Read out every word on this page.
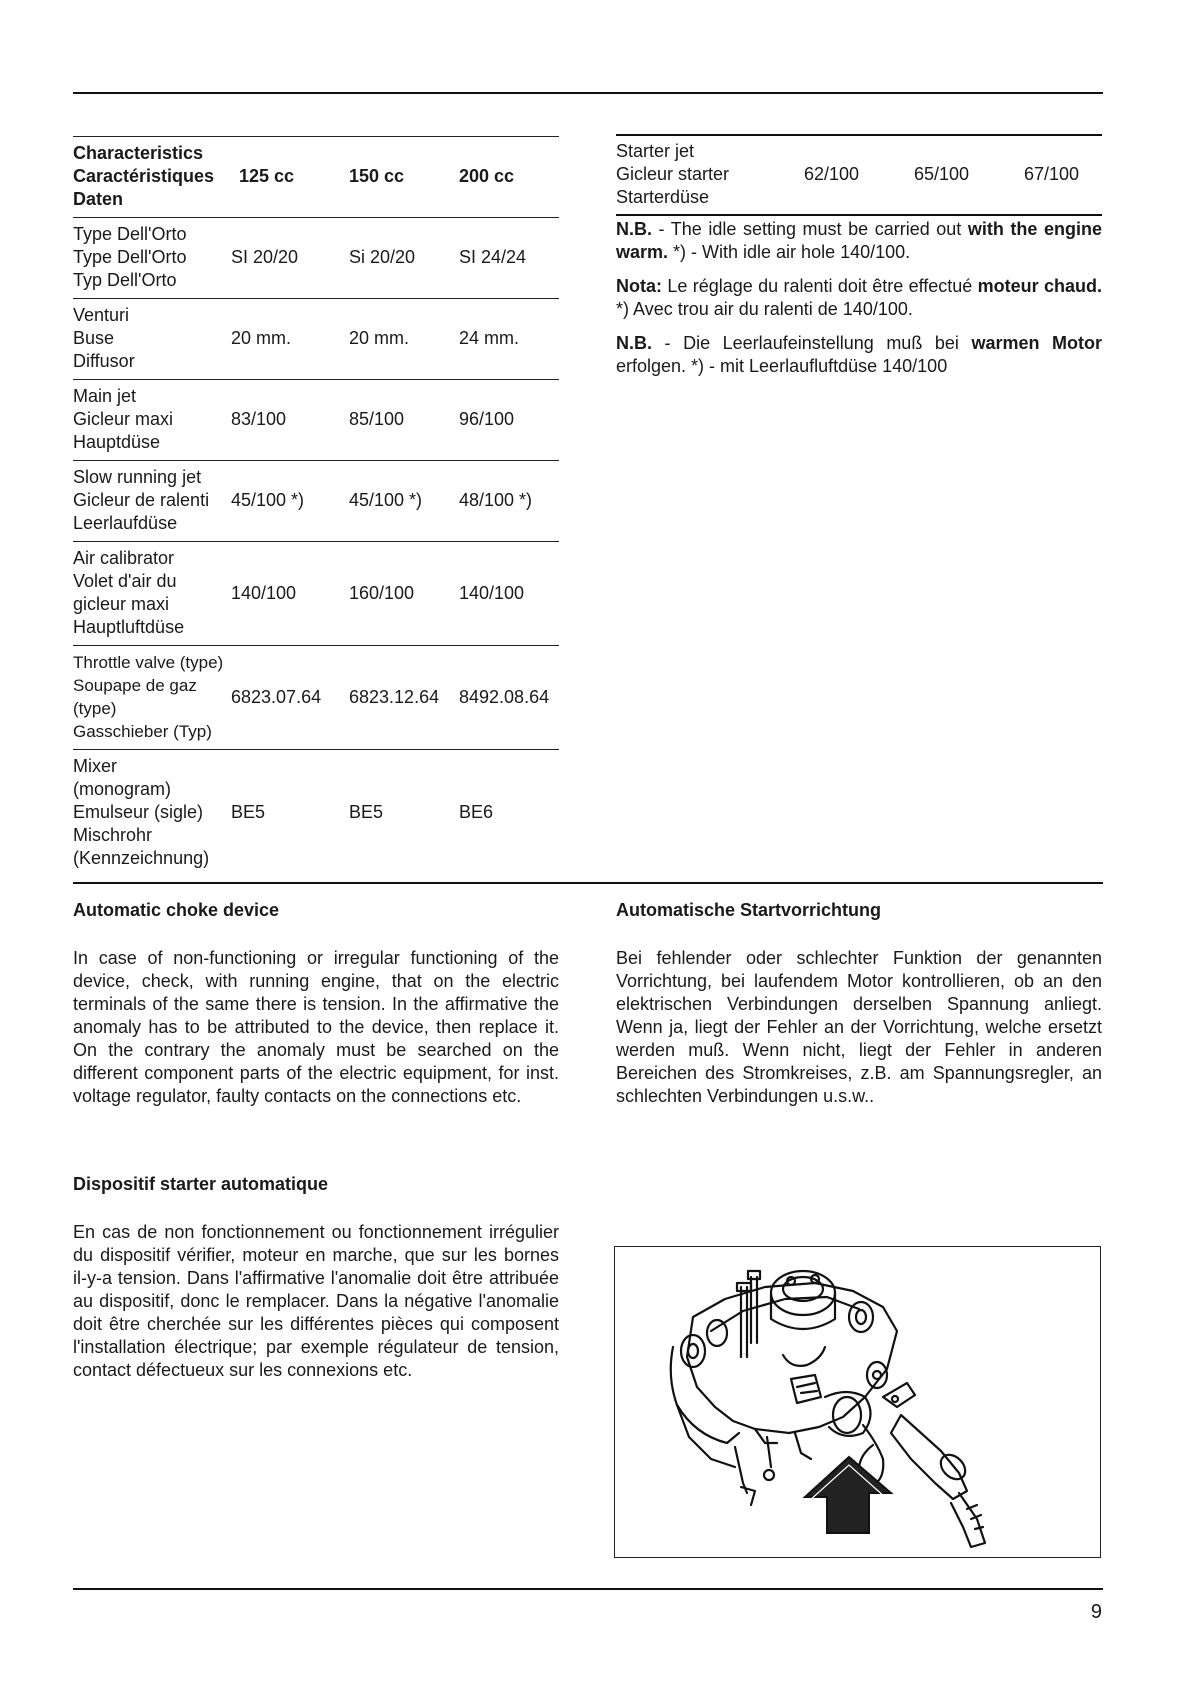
Characteristics
Caractéristiques
Daten	125 cc	150 cc	200 cc

Type Dell'Orto
Type Dell'Orto
Typ Dell'Orto	SI 20/20	Si 20/20	SI 24/24

Venturi
Buse
Diffusor	20 mm.	20 mm.	24 mm.

Main jet
Gicleur maxi
Hauptdüse	83/100	85/100	96/100

Slow running jet
Gicleur de ralenti
Leerlaufdüse	45/100 *)	45/100 *)	48/100 *)

Air calibrator
Volet d'air du
gicleur maxi
Hauptluftdüse	140/100	160/100	140/100

Throttle valve (type)
Soupape de gaz
(type)
Gasschieber (Typ)	6823.07.64	6823.12.64	8492.08.64

Mixer
(monogram)
Emulseur (sigle)
Mischrohr
(Kennzeichnung)	BE5	BE5	BE6
Starter jet
Gicleur starter
Starterdüse
	62/100	65/100	67/100

N.B. - The idle setting must be carried out with the engine warm. *) - With idle air hole 140/100.

Nota: Le réglage du ralenti doit être effectué moteur chaud. *) Avec trou air du ralenti de 140/100.

N.B. - Die Leerlaufeinstellung muß bei warmen Motor erfolgen. *) - mit Leerlaufluftdüse 140/100

Automatic choke device

In case of non-functioning or irregular functioning of the device, check, with running engine, that on the electric terminals of the same there is tension. In the affirmative the anomaly has to be attributed to the device, then replace it. On the contrary the anomaly must be searched on the different component parts of the electric equipment, for inst. voltage regulator, faulty contacts on the connections etc.

Automatische Startvorrichtung

Bei fehlender oder schlechter Funktion der genannten Vorrichtung, bei laufendem Motor kontrollieren, ob an den elektrischen Verbindungen derselben Spannung anliegt. Wenn ja, liegt der Fehler an der Vorrichtung, welche ersetzt werden muß. Wenn nicht, liegt der Fehler in anderen Bereichen des Stromkreises, z.B. am Spannungsregler, an schlechten Verbindungen u.s.w..

Dispositif starter automatique

En cas de non fonctionnement ou fonctionnement irrégulier du dispositif vérifier, moteur en marche, que sur les bornes il-y-a tension. Dans l'affirmative l'anomalie doit être attribuée au dispositif, donc le remplacer. Dans la négative l'anomalie doit être cherchée sur les différentes pièces qui composent l'installation électrique; par exemple régulateur de tension, contact défectueux sur les connexions etc.

9
